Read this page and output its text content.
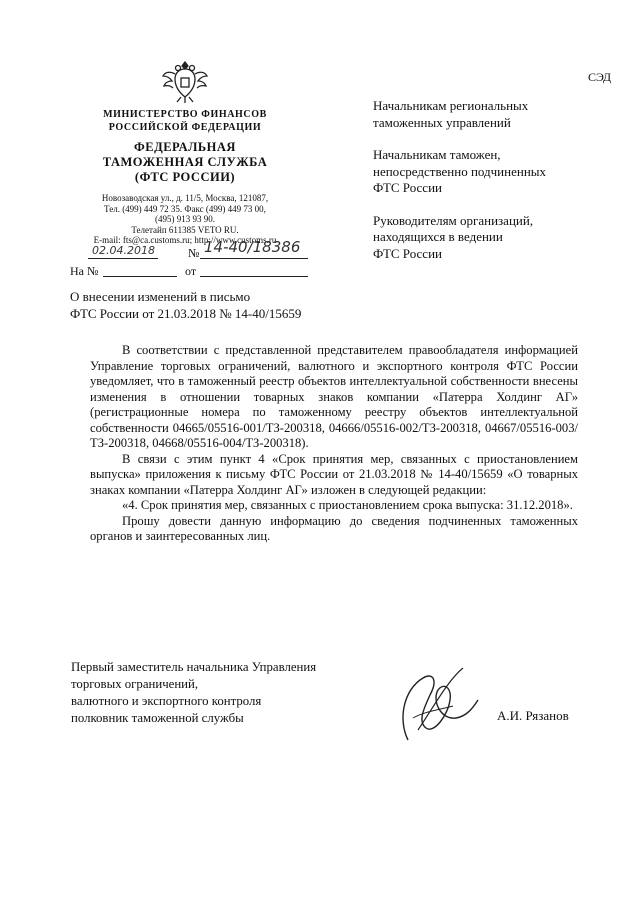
СЭД
МИНИСТЕРСТВО ФИНАНСОВ
РОССИЙСКОЙ ФЕДЕРАЦИИ
ФЕДЕРАЛЬНАЯ
ТАМОЖЕННАЯ СЛУЖБА
(ФТС РОССИИ)
Новозаводская ул., д. 11/5, Москва, 121087,
Тел. (499) 449 72 35. Факс (499) 449 73 00,
(495) 913 93 90.
Телетайп 611385 VETO RU.
E-mail: fts@ca.customs.ru; http://www.customs.ru
02.04.2018	№ 14-40/18386
На №	от
Начальникам региональных
таможенных управлений
Начальникам таможен,
непосредственно подчиненных
ФТС России
Руководителям организаций,
находящихся в ведении
ФТС России
О внесении изменений в письмо
ФТС России от 21.03.2018 № 14-40/15659

В соответствии с представленной представителем правообладателя информацией Управление торговых ограничений, валютного и экспортного контроля ФТС России уведомляет, что в таможенный реестр объектов интеллектуальной собственности внесены изменения в отношении товарных знаков компании «Патерра Холдинг АГ» (регистрационные номера по таможенному реестру объектов интеллектуальной собственности 04665/05516-001/ТЗ-200318, 04666/05516-002/ТЗ-200318, 04667/05516-003/ТЗ-200318, 04668/05516-004/ТЗ-200318).

В связи с этим пункт 4 «Срок принятия мер, связанных с приостановлением выпуска» приложения к письму ФТС России от 21.03.2018 № 14-40/15659 «О товарных знаках компании «Патерра Холдинг АГ» изложен в следующей редакции:

«4. Срок принятия мер, связанных с приостановлением срока выпуска: 31.12.2018».

Прошу довести данную информацию до сведения подчиненных таможенных органов и заинтересованных лиц.

Первый заместитель начальника Управления
торговых ограничений,
валютного и экспортного контроля
полковник таможенной службы	А.И. Рязанов
